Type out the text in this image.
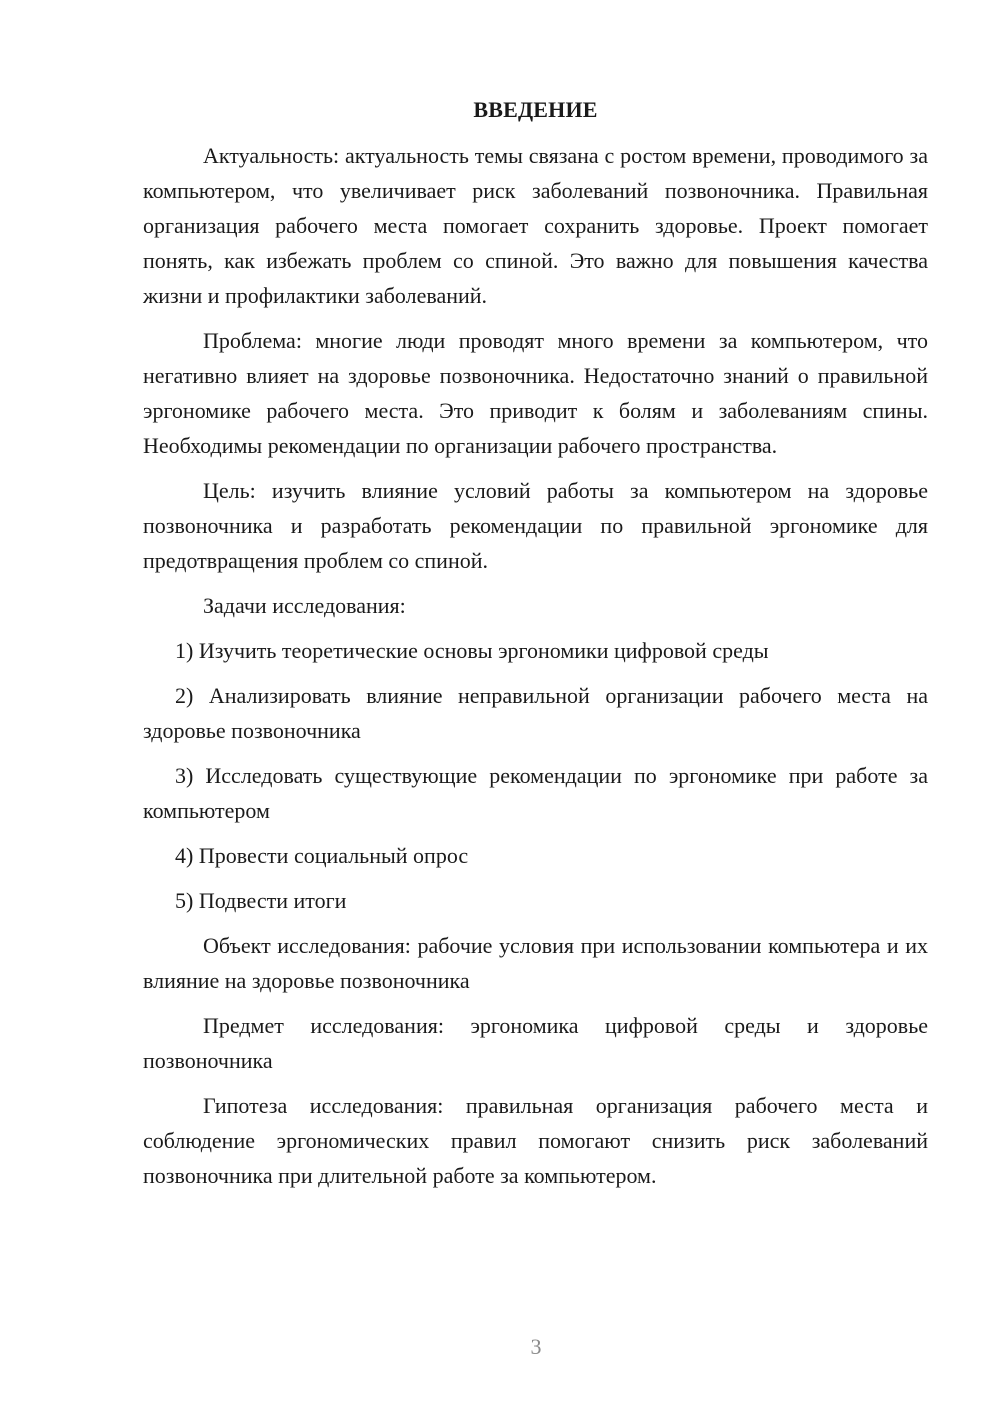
ВВЕДЕНИЕ

Актуальность: актуальность темы связана с ростом времени, проводимого за компьютером, что увеличивает риск заболеваний позвоночника. Правильная организация рабочего места помогает сохранить здоровье. Проект помогает понять, как избежать проблем со спиной. Это важно для повышения качества жизни и профилактики заболеваний.

Проблема: многие люди проводят много времени за компьютером, что негативно влияет на здоровье позвоночника. Недостаточно знаний о правильной эргономике рабочего места. Это приводит к болям и заболеваниям спины. Необходимы рекомендации по организации рабочего пространства.

Цель: изучить влияние условий работы за компьютером на здоровье позвоночника и разработать рекомендации по правильной эргономике для предотвращения проблем со спиной.

Задачи исследования:

1) Изучить теоретические основы эргономики цифровой среды

2) Анализировать влияние неправильной организации рабочего места на здоровье позвоночника

3) Исследовать существующие рекомендации по эргономике при работе за компьютером

4) Провести социальный опрос

5) Подвести итоги

Объект исследования: рабочие условия при использовании компьютера и их влияние на здоровье позвоночника

Предмет исследования: эргономика цифровой среды и здоровье позвоночника

Гипотеза исследования: правильная организация рабочего места и соблюдение эргономических правил помогают снизить риск заболеваний позвоночника при длительной работе за компьютером.

3
